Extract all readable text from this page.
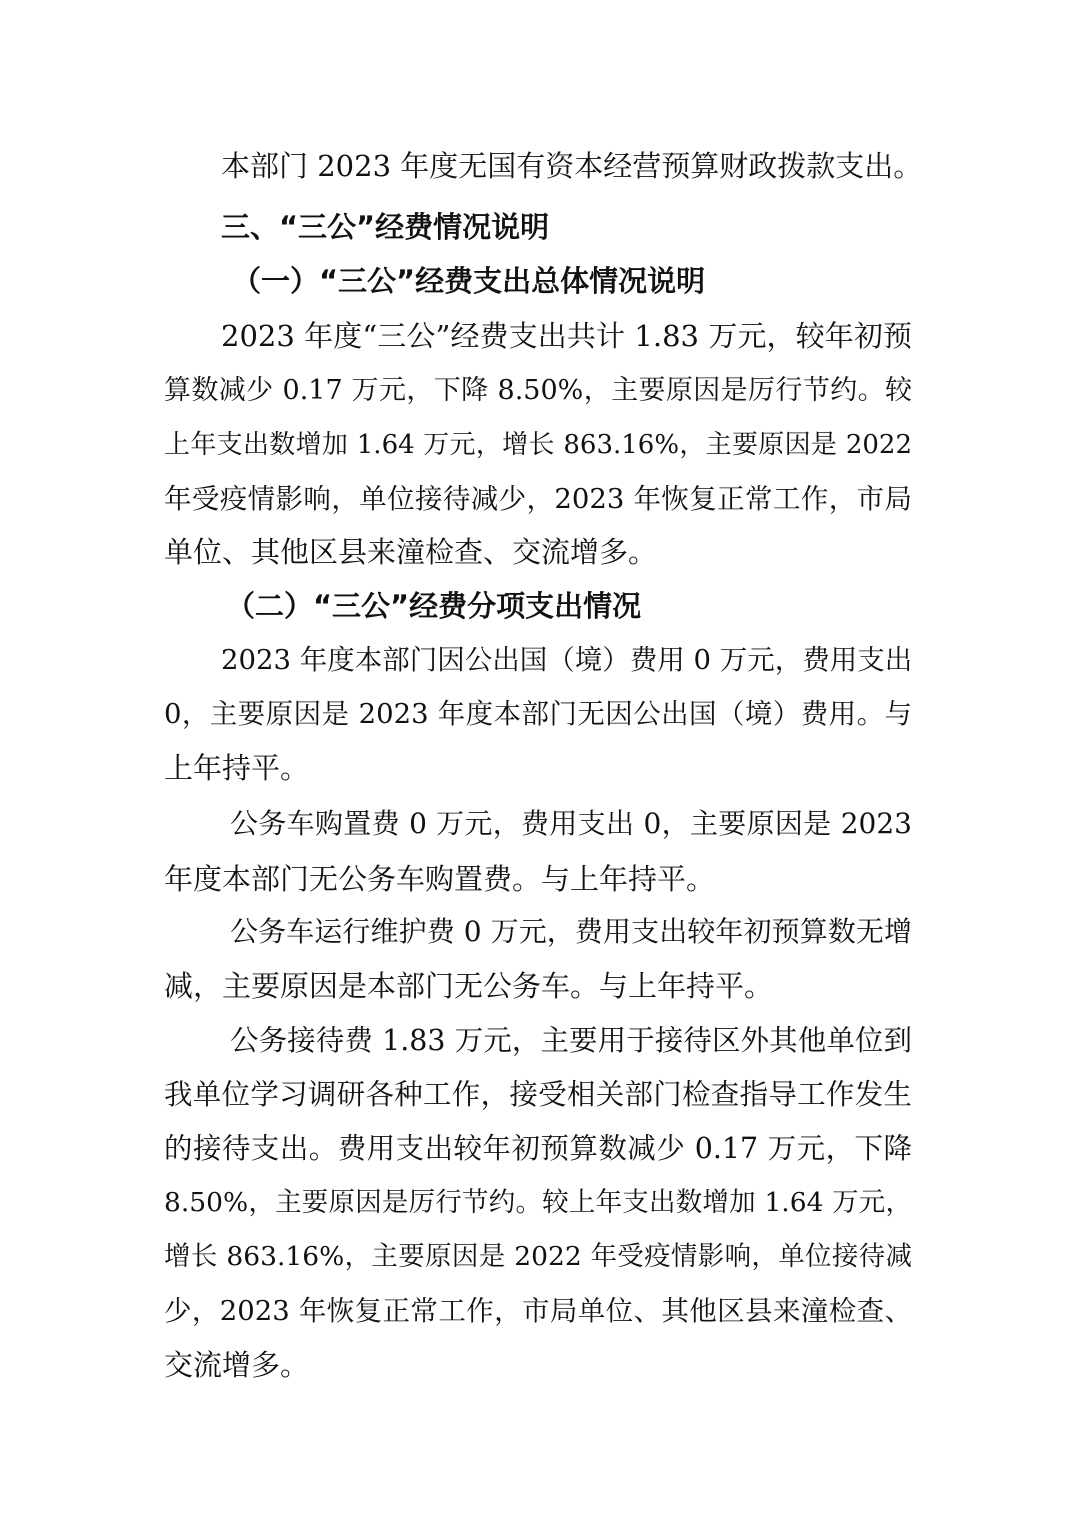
本部门 2023 年度无国有资本经营预算财政拨款支出。

三、“三公”经费情况说明

（一）“三公”经费支出总体情况说明

2023 年度“三公”经费支出共计 1.83 万元，较年初预

算数减少 0.17 万元，下降 8.50%，主要原因是厉行节约。较

上年支出数增加 1.64 万元，增长 863.16%，主要原因是 2022

年受疫情影响，单位接待减少，2023 年恢复正常工作，市局

单位、其他区县来潼检查、交流增多。

（二）“三公”经费分项支出情况

2023 年度本部门因公出国（境）费用 0 万元，费用支出

0，主要原因是 2023 年度本部门无因公出国（境）费用。与

上年持平。

公务车购置费 0 万元，费用支出 0，主要原因是 2023

年度本部门无公务车购置费。与上年持平。

公务车运行维护费 0 万元，费用支出较年初预算数无增

减，主要原因是本部门无公务车。与上年持平。

公务接待费 1.83 万元，主要用于接待区外其他单位到

我单位学习调研各种工作，接受相关部门检查指导工作发生

的接待支出。费用支出较年初预算数减少 0.17 万元，下降

8.50%，主要原因是厉行节约。较上年支出数增加 1.64 万元，

增长 863.16%，主要原因是 2022 年受疫情影响，单位接待减

少，2023 年恢复正常工作，市局单位、其他区县来潼检查、

交流增多。
